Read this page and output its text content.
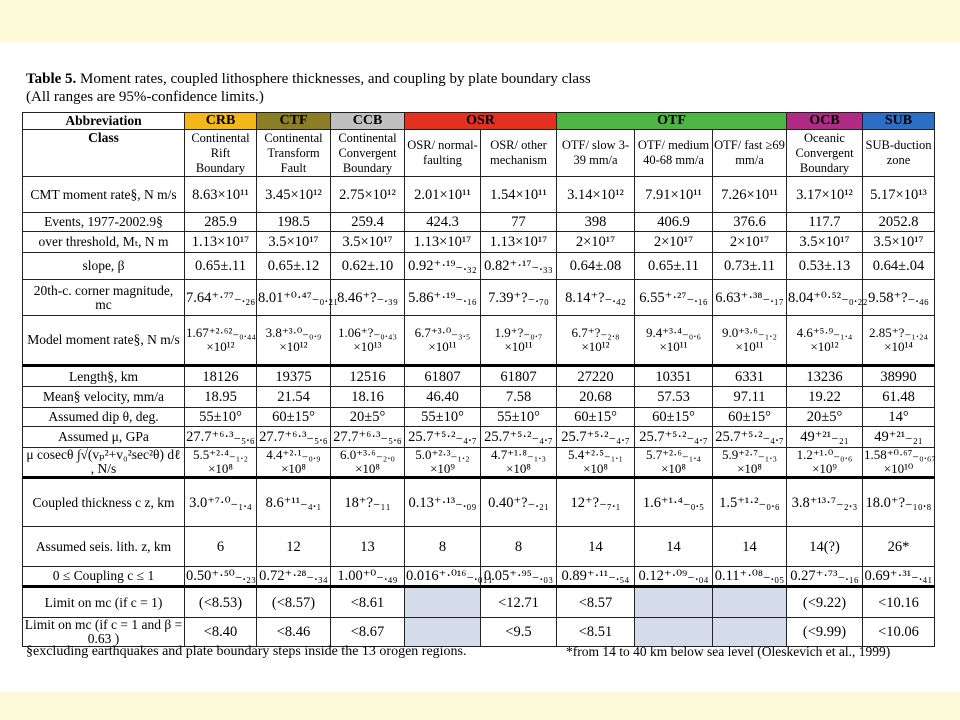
Table 5. Moment rates, coupled lithosphere thicknesses, and coupling by plate boundary class
(All ranges are 95%-confidence limits.)
Abbreviation	CRB	CTF	CCB	OSR		OTF			OCB	SUB
Class	Continental Rift Boundary	Continental Transform Fault	Continental Convergent Boundary	OSR/ normal-faulting	OSR/ other mechanism	OTF/ slow 3-39 mm/a	OTF/ medium 40-68 mm/a	OTF/ fast ≥69 mm/a	Oceanic Convergent Boundary	SUB-duction zone
CMT moment rate§, N m/s	8.63×10¹¹	3.45×10¹²	2.75×10¹²	2.01×10¹¹	1.54×10¹¹	3.14×10¹²	7.91×10¹¹	7.26×10¹¹	3.17×10¹²	5.17×10¹³
Events, 1977-2002.9§	285.9	198.5	259.4	424.3	77	398	406.9	376.6	117.7	2052.8
over threshold, Mₜ, N m	1.13×10¹⁷	3.5×10¹⁷	3.5×10¹⁷	1.13×10¹⁷	1.13×10¹⁷	2×10¹⁷	2×10¹⁷	2×10¹⁷	3.5×10¹⁷	3.5×10¹⁷
slope, β	0.65±.11	0.65±.12	0.62±.10	0.92⁺·¹⁹₋.₃₂	0.82⁺·¹⁷₋.₃₃	0.64±.08	0.65±.11	0.73±.11	0.53±.13	0.64±.04
20th-c. corner magnitude, mc	7.64⁺·⁷⁷₋.₂₆	8.01⁺⁰·⁴⁷₋₀.₂₁	8.46⁺?₋.₃₉	5.86⁺·¹⁹₋.₁₆	7.39⁺?₋.₇₀	8.14⁺?₋.₄₂	6.55⁺·²⁷₋.₁₆	6.63⁺·³⁸₋.₁₇	8.04⁺⁰·⁵²₋₀.₂₂	9.58⁺?₋.₄₆
Model moment rate§, N m/s	1.67⁺²·⁶²₋₀.₄₄ ×10¹²	3.8⁺³·⁰₋₀.₉ ×10¹²	1.06⁺?₋₀.₄₃ ×10¹³	6.7⁺³·⁰₋₃.₅ ×10¹¹	1.9⁺?₋₀.₇ ×10¹¹	6.7⁺?₋₂.₈ ×10¹²	9.4⁺³·⁴₋₀.₆ ×10¹¹	9.0⁺³·⁶₋₁.₂ ×10¹¹	4.6⁺⁵·⁹₋₁.₄ ×10¹²	2.85⁺?₋₁.₂₄ ×10¹⁴
Length§, km	18126	19375	12516	61807	61807	27220	10351	6331	13236	38990
Mean§ velocity, mm/a	18.95	21.54	18.16	46.40	7.58	20.68	57.53	97.11	19.22	61.48
Assumed dip θ, deg.	55±10°	60±15°	20±5°	55±10°	55±10°	60±15°	60±15°	60±15°	20±5°	14°
Assumed μ, GPa	27.7⁺⁶·³₋₅.₆	27.7⁺⁶·³₋₅.₆	27.7⁺⁶·³₋₅.₆	25.7⁺⁵·²₋₄.₇	25.7⁺⁵·²₋₄.₇	25.7⁺⁵·²₋₄.₇	25.7⁺⁵·²₋₄.₇	25.7⁺⁵·²₋₄.₇	49⁺²¹₋₂₁	49⁺²¹₋₂₁
μ cosecθ ∫√(vₚ²+v₀²sec²θ) dℓ , N/s	5.5⁺²·⁴₋₁.₂ ×10⁸	4.4⁺²·¹₋₀.₉ ×10⁸	6.0⁺³·⁶₋₂.₀ ×10⁸	5.0⁺²·³₋₁.₂ ×10⁹	4.7⁺¹·⁸₋₁.₃ ×10⁸	5.4⁺²·⁵₋₁.₁ ×10⁸	5.7⁺²·⁶₋₁.₄ ×10⁸	5.9⁺²·⁷₋₁.₃ ×10⁸	1.2⁺¹·⁰₋₀.₆ ×10⁹	1.58⁺⁰·⁶⁷₋₀.₆₇ ×10¹⁰
Coupled thickness c z, km	3.0⁺⁷·⁰₋₁.₄	8.6⁺¹¹₋₄.₁	18⁺?₋₁₁	0.13⁺·¹³₋.₀₉	0.40⁺?₋.₂₁	12⁺?₋₇.₁	1.6⁺¹·⁴₋₀.₅	1.5⁺¹·²₋₀.₆	3.8⁺¹³·⁷₋₂.₃	18.0⁺?₋₁₀.₈
Assumed seis. lith. z, km	6	12	13	8	8	14	14	14	14(?)	26*
0 ≤ Coupling c ≤ 1	0.50⁺·⁵⁰₋.₂₃	0.72⁺·²⁸₋.₃₄	1.00⁺⁰₋.₄₉	0.016⁺·⁰¹⁶₋.₀₁₁	0.05⁺·⁹⁵₋.₀₃	0.89⁺·¹¹₋.₅₄	0.12⁺·⁰⁹₋.₀₄	0.11⁺·⁰⁸₋.₀₅	0.27⁺·⁷³₋.₁₆	0.69⁺·³¹₋.₄₁
Limit on mc (if c = 1)	(<8.53)	(<8.57)	<8.61		<12.71	<8.57			(<9.22)	<10.16
Limit on mc (if c = 1 and β = 0.63 )	<8.40	<8.46	<8.67		<9.5	<8.51			(<9.99)	<10.06
§excluding earthquakes and plate boundary steps inside the 13 orogen regions.	*from 14 to 40 km below sea level (Oleskevich et al., 1999)
